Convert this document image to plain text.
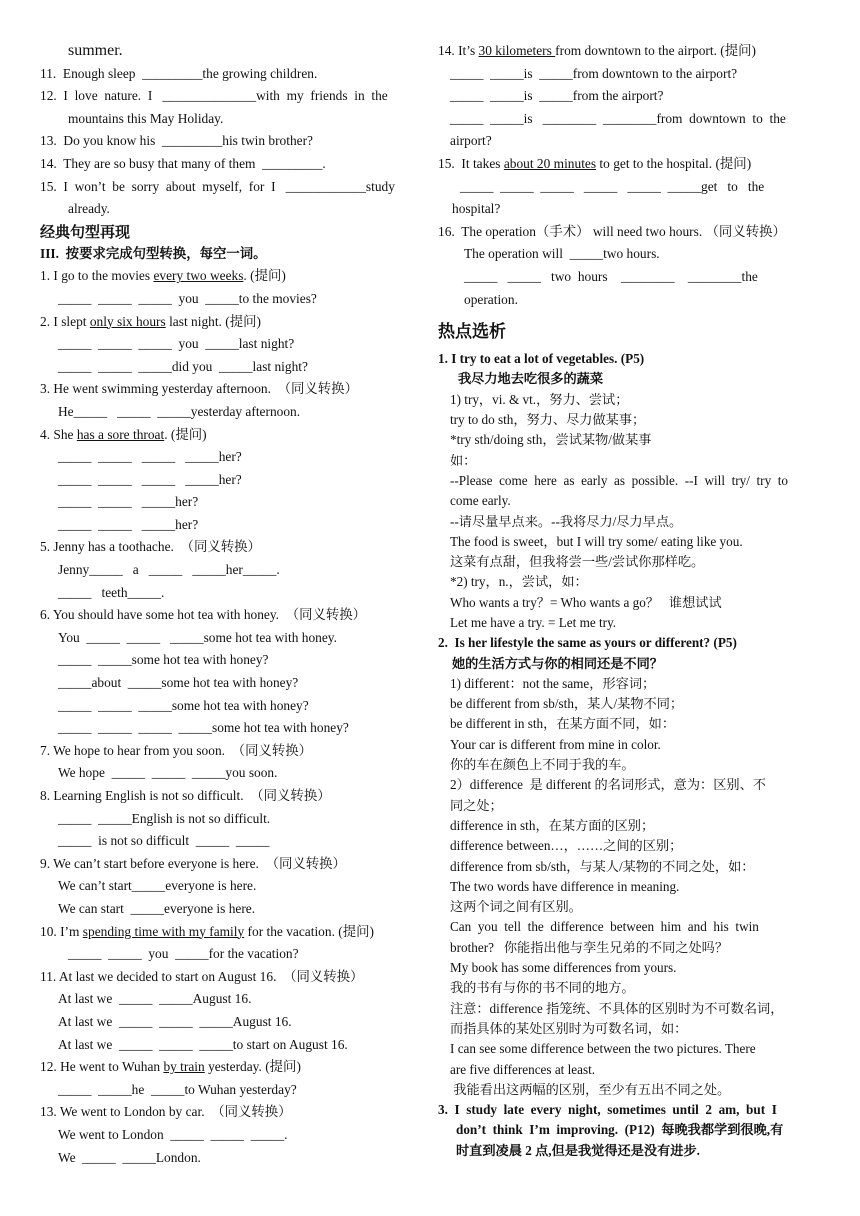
summer.
11.  Enough sleep  _________the growing children.
12.  I  love  nature.  I   ______________with  my  friends  in  the
mountains this May Holiday.
13.  Do you know his  _________his twin brother?
14.  They are so busy that many of them  _________.
15.  I  won’t  be  sorry  about  myself,  for  I   ____________study
already.
经典句型再现
III.  按要求完成句型转换，每空一词。
1. I go to the movies every two weeks. (提问)
_____  _____  _____  you  _____to the movies?
2. I slept only six hours last night. (提问)
_____  _____  _____  you  _____last night?
_____  _____  _____did you  _____last night?
3. He went swimming yesterday afternoon.  （同义转换）
He_____   _____  _____yesterday afternoon.
4. She has a sore throat. (提问)
_____  _____   _____   _____her?
_____  _____   _____   _____her?
_____  _____   _____her?
_____  _____   _____her?
5. Jenny has a toothache.  （同义转换）
Jenny_____   a   _____   _____her_____.
_____   teeth_____.
6. You should have some hot tea with honey.  （同义转换）
You  _____  _____   _____some hot tea with honey.
_____  _____some hot tea with honey?
_____about  _____some hot tea with honey?
_____  _____  _____some hot tea with honey?
_____  _____  _____  _____some hot tea with honey?
7. We hope to hear from you soon.  （同义转换）
We hope  _____  _____  _____you soon.
8. Learning English is not so difficult.  （同义转换）
_____  _____English is not so difficult.
_____  is not so difficult  _____  _____
9. We can’t start before everyone is here.  （同义转换）
We can’t start_____everyone is here.
We can start  _____everyone is here.
10. I’m spending time with my family for the vacation. (提问)
_____  _____  you  _____for the vacation?
11. At last we decided to start on August 16.  （同义转换）
At last we  _____  _____August 16.
At last we  _____  _____  _____August 16.
At last we  _____  _____  _____to start on August 16.
12. He went to Wuhan by train yesterday. (提问)
_____  _____he  _____to Wuhan yesterday?
13. We went to London by car.  （同义转换）
We went to London  _____  _____  _____.
We  _____  _____London.
14. It’s 30 kilometers from downtown to the airport. (提问)
_____  _____is  _____from downtown to the airport?
_____  _____is  _____from the airport?
_____  _____is   ________  ________from  downtown  to  the
airport?
15.  It takes about 20 minutes to get to the hospital. (提问)
_____  _____  _____   _____   _____  _____get   to   the
hospital?
16.  The operation（手术） will need two hours. （同义转换）
The operation will  _____two hours.
_____   _____   two  hours    ________    ________the
operation.
热点选析
1. I try to eat a lot of vegetables. (P5)
我尽力地去吃很多的蔬菜
1) try，vi. & vt.，努力、尝试；
try to do sth，努力、尽力做某事；
*try sth/doing sth，尝试某物/做某事
如：
--Please  come  here  as  early  as  possible.  --I  will  try/  try  to
come early.
--请尽量早点来。--我将尽力/尽力早点。
The food is sweet，but I will try some/ eating like you.
这菜有点甜，但我将尝一些/尝试你那样吃。
*2) try，n.，尝试，如：
Who wants a try？= Who wants a go？   谁想试试
Let me have a try. = Let me try.
2.  Is her lifestyle the same as yours or different? (P5)
她的生活方式与你的相同还是不同？
1) different：not the same，形容词；
be different from sb/sth，某人/某物不同；
be different in sth，在某方面不同，如：
Your car is different from mine in color.
你的车在颜色上不同于我的车。
2）difference  是 different 的名词形式，意为：区别、不
同之处；
difference in sth，在某方面的区别；
difference between…，……之间的区别；
difference from sb/sth，与某人/某物的不同之处，如：
The two words have difference in meaning.
这两个词之间有区别。
Can  you  tell  the  difference  between  him  and  his  twin
brother?   你能指出他与孪生兄弟的不同之处吗？
My book has some differences from yours.
我的书有与你的书不同的地方。
注意：difference 指笼统、不具体的区别时为不可数名词，
而指具体的某处区别时为可数名词，如：
I can see some difference between the two pictures. There
are five differences at least.
我能看出这两幅的区别，至少有五出不同之处。
3.  I  study  late  every  night,  sometimes  until  2  am,  but  I
don’t  think  I’m  improving.  (P12)  每晚我都学到很晚,有
时直到凌晨 2 点,但是我觉得还是没有进步.
